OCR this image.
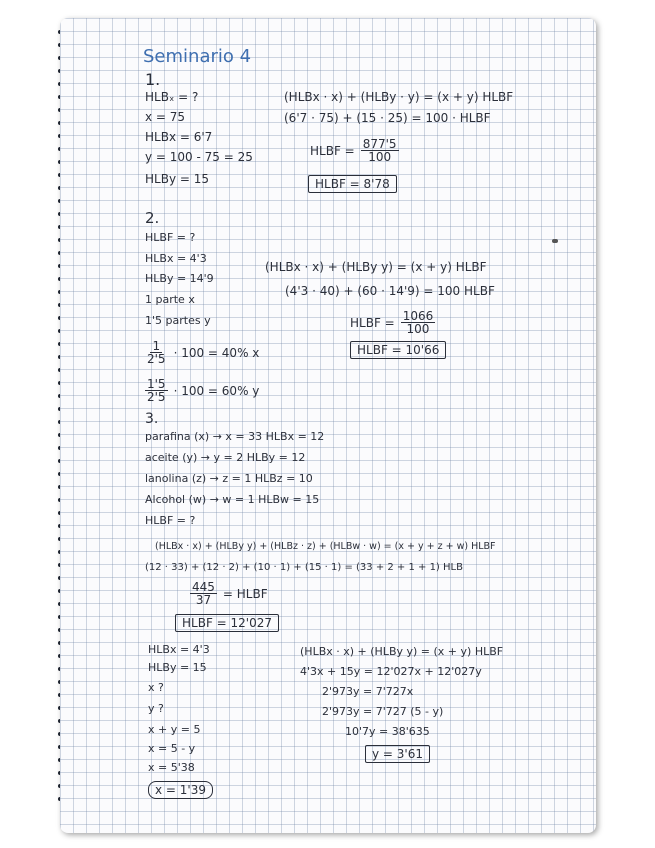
Seminario 4
1.
HLBₓ = ?
x = 75
HLBx = 6'7
y = 100 - 75 = 25
HLBy = 15
(HLBx · x) + (HLBy · y) = (x + y) HLBF
(6'7 · 75) + (15 · 25) = 100 · HLBF
HLBF = $\frac{877'5}{100}$
HLBF = 8'78
2.
HLBF = ?
HLBx = 4'3
HLBy = 14'9
1 parte x
1'5 partes y
(HLBx · x) + (HLBy y) = (x + y) HLBF
(4'3 · 40) + (60 · 14'9) = 100 HLBF
HLBF = $\frac{1066}{100}$
HLBF = 10'66
$\frac{1}{2'5} \cdot 100 = 40\%$ x
$\frac{1'5}{2'5} \cdot 100 = 60\%$ y
3.
parafina (x) → x = 33 HLBx = 12
aceite (y) → y = 2 HLBy = 12
lanolina (z) → z = 1 HLBz = 10
Alcohol (w) → w = 1 HLBw = 15
HLBF = ?
(HLBx · x) + (HLBy y) + (HLBz · z) + (HLBw · w) = (x + y + z + w) HLBF
(12 · 33) + (12 · 2) + (10 · 1) + (15 · 1) = (33 + 2 + 1 + 1) HLB
$\frac{445}{37}$ = HLBF
HLBF = 12'027
HLBx = 4'3
HLBy = 15
x ?
y ?
x + y = 5
x = 5 - y
x = 5'38
x = 1'39
(HLBx · x) + (HLBy y) = (x + y) HLBF
4'3x + 15y = 12'027x + 12'027y
2'973y = 7'727x
2'973y = 7'727 (5 - y)
10'7y = 38'635
y = 3'61
